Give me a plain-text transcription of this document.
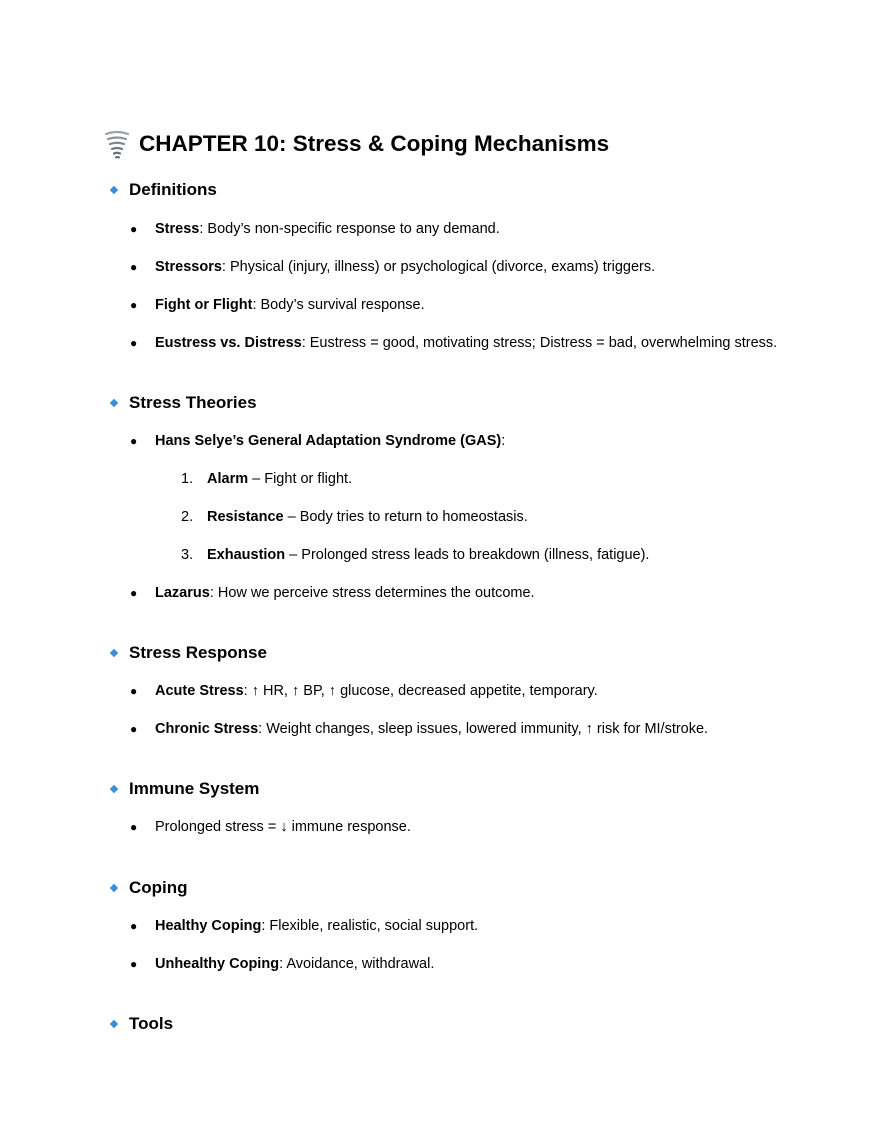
CHAPTER 10: Stress & Coping Mechanisms
Definitions
●	Stress: Body’s non-specific response to any demand.
●	Stressors: Physical (injury, illness) or psychological (divorce, exams) triggers.
●	Fight or Flight: Body’s survival response.
●	Eustress vs. Distress: Eustress = good, motivating stress; Distress = bad, overwhelming stress.
Stress Theories
●	Hans Selye’s General Adaptation Syndrome (GAS):
1. Alarm – Fight or flight.
2. Resistance – Body tries to return to homeostasis.
3. Exhaustion – Prolonged stress leads to breakdown (illness, fatigue).
●	Lazarus: How we perceive stress determines the outcome.
Stress Response
●	Acute Stress: ↑ HR, ↑ BP, ↑ glucose, decreased appetite, temporary.
●	Chronic Stress: Weight changes, sleep issues, lowered immunity, ↑ risk for MI/stroke.
Immune System
●	Prolonged stress = ↓ immune response.
Coping
●	Healthy Coping: Flexible, realistic, social support.
●	Unhealthy Coping: Avoidance, withdrawal.
Tools
